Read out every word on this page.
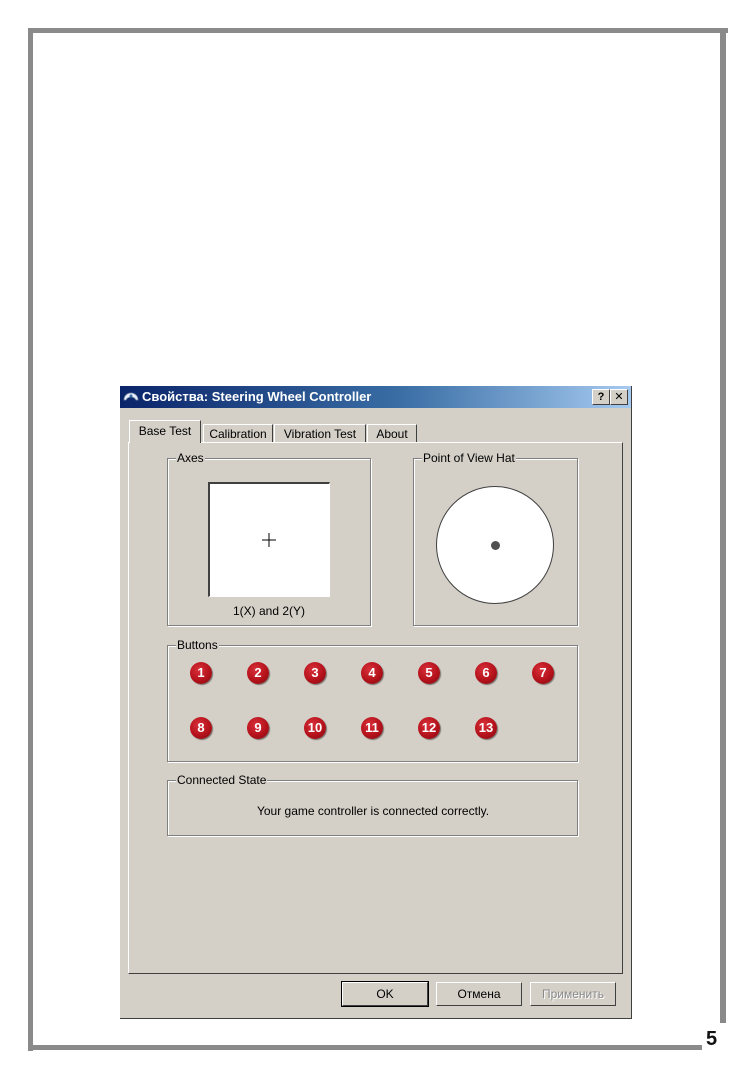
5
Свойства: Steering Wheel Controller	? ✕
Base Test	Calibration	Vibration Test	About
Axes
1(X) and 2(Y)
Point of View Hat
Buttons
1	2	3	4	5	6	7
8	9	10	11	12	13
Connected State
Your game controller is connected correctly.
OK	Отмена	Применить
